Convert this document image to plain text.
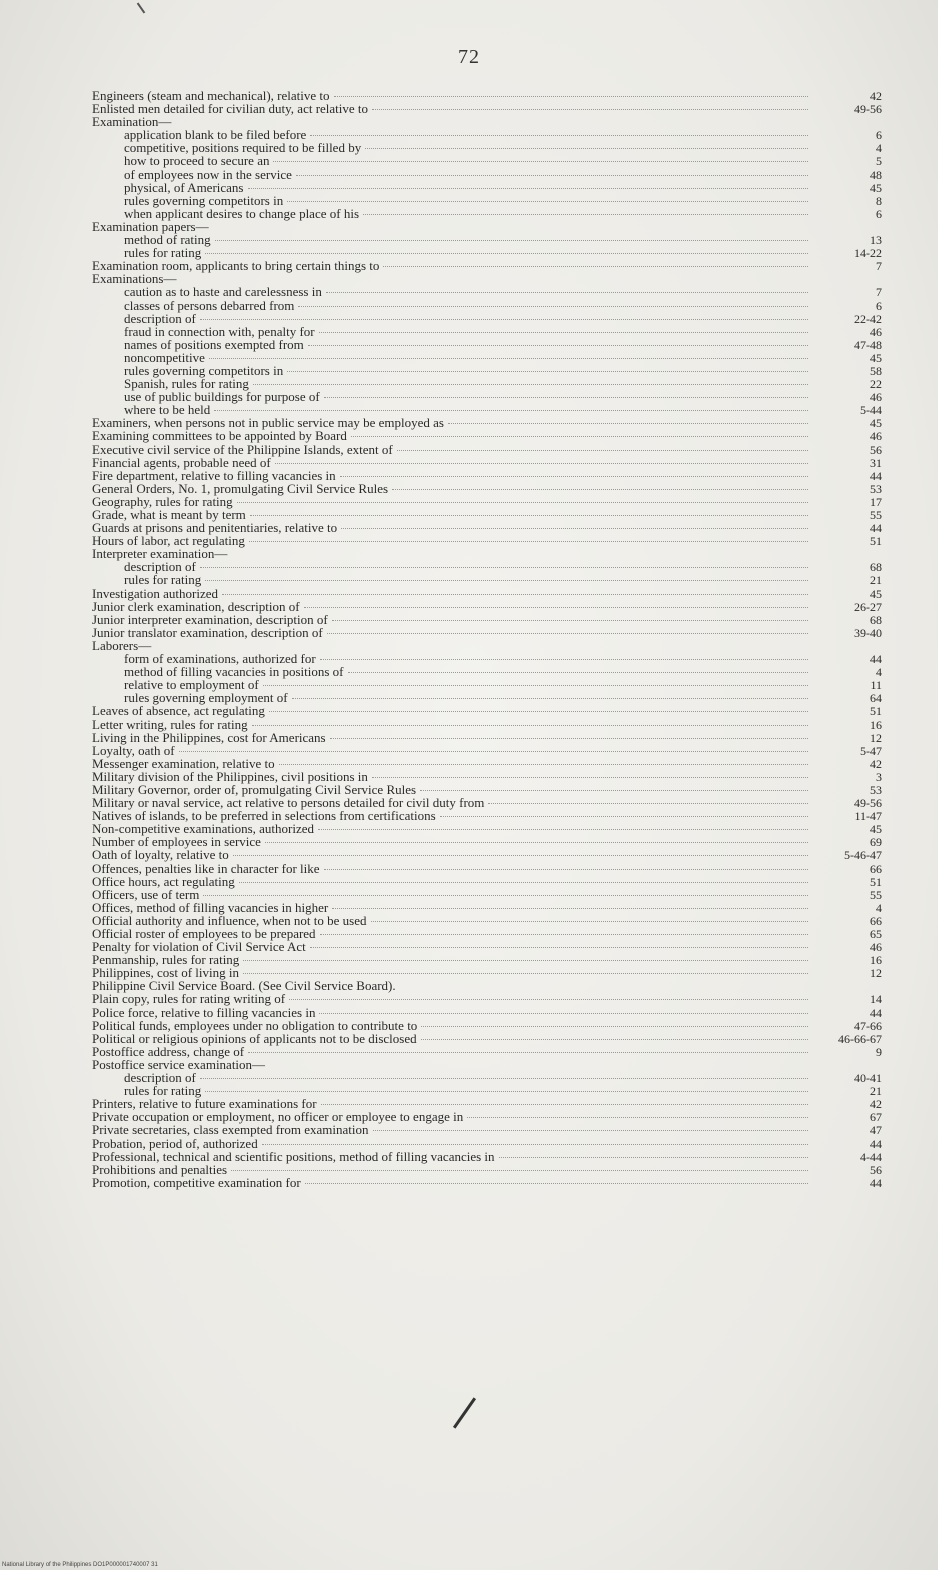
72
Engineers (steam and mechanical), relative to	42
Enlisted men detailed for civilian duty, act relative to	49-56
Examination—
application blank to be filed before	6
competitive, positions required to be filled by	4
how to proceed to secure an	5
of employees now in the service	48
physical, of Americans	45
rules governing competitors in	8
when applicant desires to change place of his	6
Examination papers—
method of rating	13
rules for rating	14-22
Examination room, applicants to bring certain things to	7
Examinations—
caution as to haste and carelessness in	7
classes of persons debarred from	6
description of	22-42
fraud in connection with, penalty for	46
names of positions exempted from	47-48
noncompetitive	45
rules governing competitors in	58
Spanish, rules for rating	22
use of public buildings for purpose of	46
where to be held	5-44
Examiners, when persons not in public service may be employed as	45
Examining committees to be appointed by Board	46
Executive civil service of the Philippine Islands, extent of	56
Financial agents, probable need of	31
Fire department, relative to filling vacancies in	44
General Orders, No. 1, promulgating Civil Service Rules	53
Geography, rules for rating	17
Grade, what is meant by term	55
Guards at prisons and penitentiaries, relative to	44
Hours of labor, act regulating	51
Interpreter examination—
description of	68
rules for rating	21
Investigation authorized	45
Junior clerk examination, description of	26-27
Junior interpreter examination, description of	68
Junior translator examination, description of	39-40
Laborers—
form of examinations, authorized for	44
method of filling vacancies in positions of	4
relative to employment of	11
rules governing employment of	64
Leaves of absence, act regulating	51
Letter writing, rules for rating	16
Living in the Philippines, cost for Americans	12
Loyalty, oath of	5-47
Messenger examination, relative to	42
Military division of the Philippines, civil positions in	3
Military Governor, order of, promulgating Civil Service Rules	53
Military or naval service, act relative to persons detailed for civil duty from	49-56
Natives of islands, to be preferred in selections from certifications	11-47
Non-competitive examinations, authorized	45
Number of employees in service	69
Oath of loyalty, relative to	5-46-47
Offences, penalties like in character for like	66
Office hours, act regulating	51
Officers, use of term	55
Offices, method of filling vacancies in higher	4
Official authority and influence, when not to be used	66
Official roster of employees to be prepared	65
Penalty for violation of Civil Service Act	46
Penmanship, rules for rating	16
Philippines, cost of living in	12
Philippine Civil Service Board. (See Civil Service Board).
Plain copy, rules for rating writing of	14
Police force, relative to filling vacancies in	44
Political funds, employees under no obligation to contribute to	47-66
Political or religious opinions of applicants not to be disclosed	46-66-67
Postoffice address, change of	9
Postoffice service examination—
description of	40-41
rules for rating	21
Printers, relative to future examinations for	42
Private occupation or employment, no officer or employee to engage in	67
Private secretaries, class exempted from examination	47
Probation, period of, authorized	44
Professional, technical and scientific positions, method of filling vacancies in	4-44
Prohibitions and penalties	56
Promotion, competitive examination for	44
National Library of the Philippines DO1P000001740007 31
